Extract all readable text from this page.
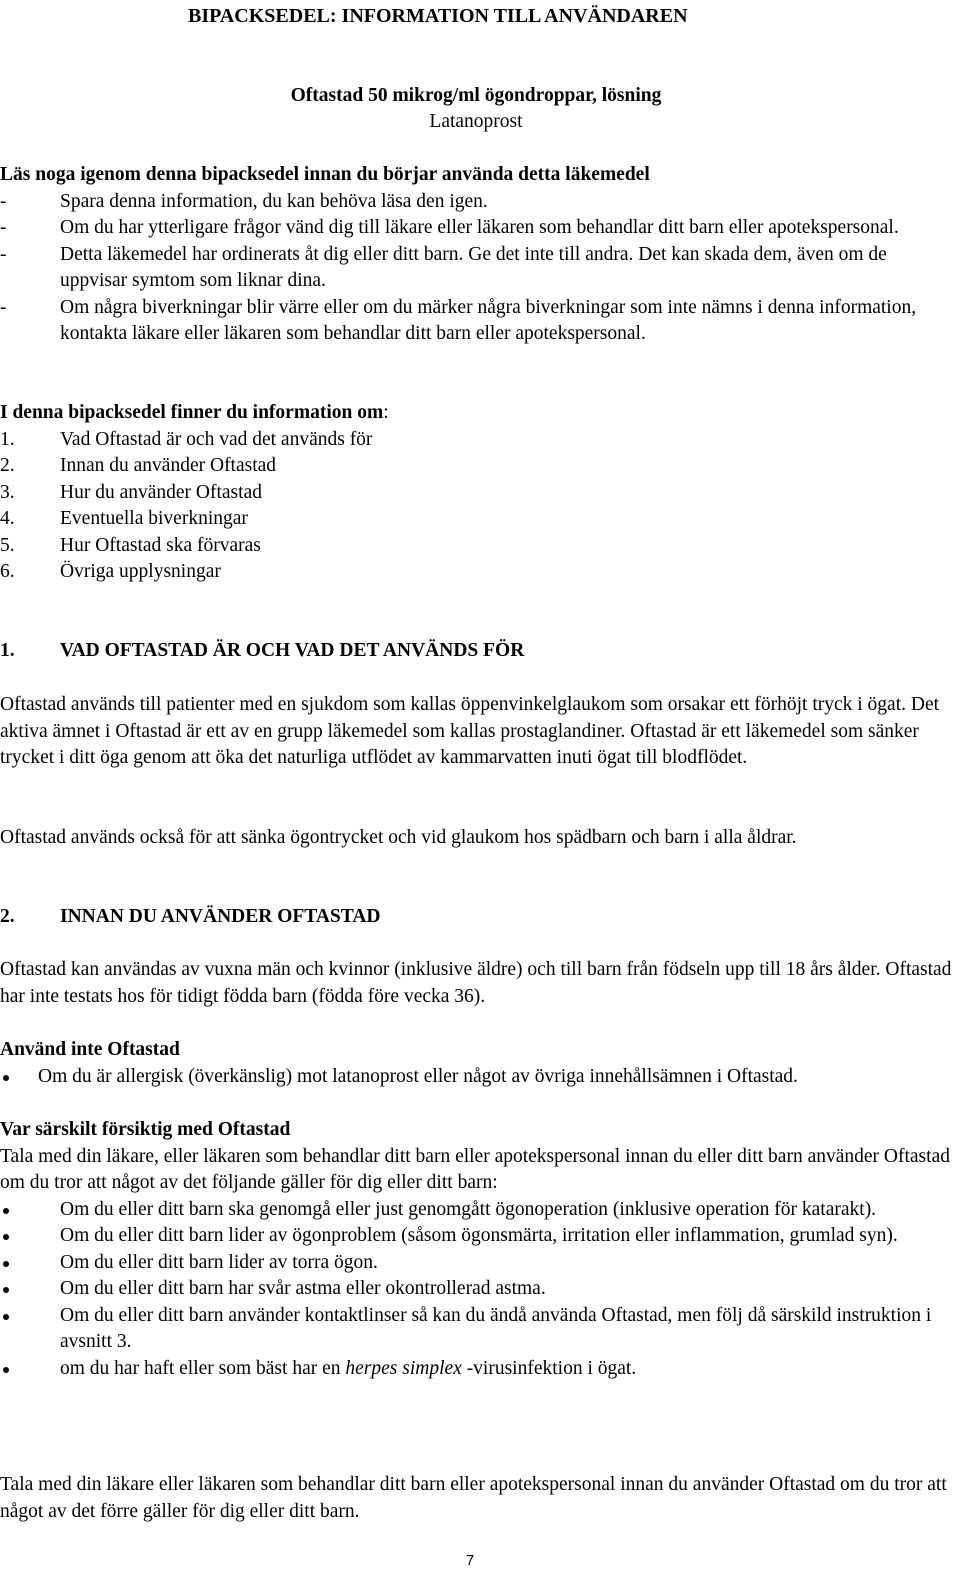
BIPACKSEDEL: INFORMATION TILL ANVÄNDAREN
Oftastad 50 mikrog/ml ögondroppar, lösning
Latanoprost

Läs noga igenom denna bipacksedel innan du börjar använda detta läkemedel

-	Spara denna information, du kan behöva läsa den igen.
-	Om du har ytterligare frågor vänd dig till läkare eller läkaren som behandlar ditt barn eller apotekspersonal.
-	Detta läkemedel har ordinerats åt dig eller ditt barn. Ge det inte till andra. Det kan skada dem, även om de uppvisar symtom som liknar dina.
-	Om några biverkningar blir värre eller om du märker några biverkningar som inte nämns i denna information, kontakta läkare eller läkaren som behandlar ditt barn eller apotekspersonal.

I denna bipacksedel finner du information om:

1. Vad Oftastad är och vad det används för
2. Innan du använder Oftastad
3. Hur du använder Oftastad
4. Eventuella biverkningar
5. Hur Oftastad ska förvaras
6. Övriga upplysningar
1. VAD OFTASTAD ÄR OCH VAD DET ANVÄNDS FÖR

Oftastad används till patienter med en sjukdom som kallas öppenvinkelglaukom som orsakar ett förhöjt tryck i ögat. Det aktiva ämnet i Oftastad är ett av en grupp läkemedel som kallas prostaglandiner. Oftastad är ett läkemedel som sänker trycket i ditt öga genom att öka det naturliga utflödet av kammarvatten inuti ögat till blodflödet.

Oftastad används också för att sänka ögontrycket och vid glaukom hos spädbarn och barn i alla åldrar.

2. INNAN DU ANVÄNDER OFTASTAD

Oftastad kan användas av vuxna män och kvinnor (inklusive äldre) och till barn från födseln upp till 18 års ålder. Oftastad har inte testats hos för tidigt födda barn (födda före vecka 36).

Använd inte Oftastad

Om du är allergisk (överkänslig) mot latanoprost eller något av övriga innehållsämnen i Oftastad.

Var särskilt försiktig med Oftastad

Tala med din läkare, eller läkaren som behandlar ditt barn eller apotekspersonal innan du eller ditt barn använder Oftastad om du tror att något av det följande gäller för dig eller ditt barn:

Om du eller ditt barn ska genomgå eller just genomgått ögonoperation (inklusive operation för katarakt).
Om du eller ditt barn lider av ögonproblem (såsom ögonsmärta, irritation eller inflammation, grumlad syn).
Om du eller ditt barn lider av torra ögon.
Om du eller ditt barn har svår astma eller okontrollerad astma.
Om du eller ditt barn använder kontaktlinser så kan du ändå använda Oftastad, men följ då särskild instruktion i avsnitt 3.
om du har haft eller som bäst har en herpes simplex -virusinfektion i ögat.

Tala med din läkare eller läkaren som behandlar ditt barn eller apotekspersonal innan du använder Oftastad om du tror att något av det förre gäller för dig eller ditt barn.

7
